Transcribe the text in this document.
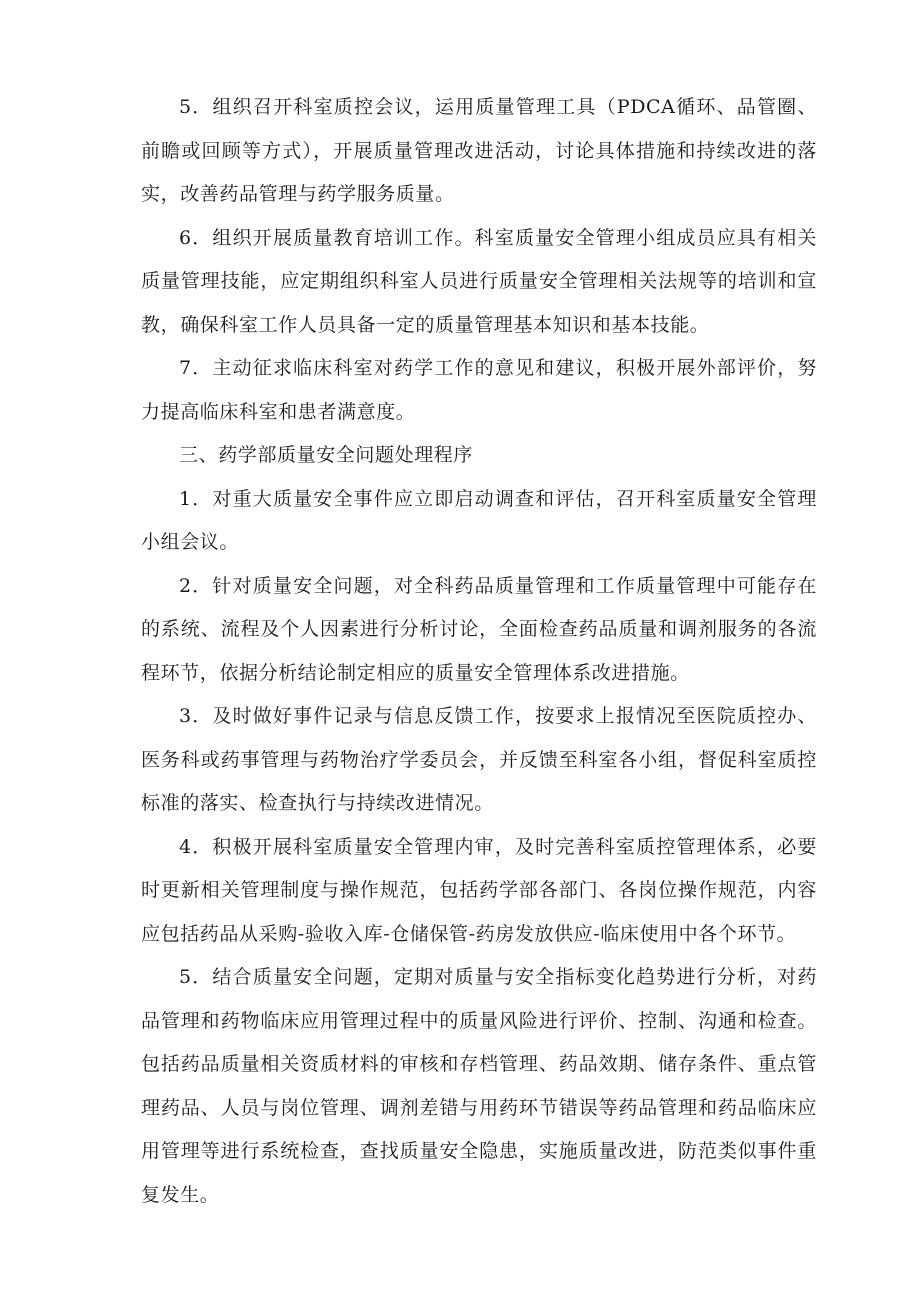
5．组织召开科室质控会议，运用质量管理工具（PDCA循环、品管圈、前瞻或回顾等方式），开展质量管理改进活动，讨论具体措施和持续改进的落实，改善药品管理与药学服务质量。

6．组织开展质量教育培训工作。科室质量安全管理小组成员应具有相关质量管理技能，应定期组织科室人员进行质量安全管理相关法规等的培训和宣教，确保科室工作人员具备一定的质量管理基本知识和基本技能。

7．主动征求临床科室对药学工作的意见和建议，积极开展外部评价，努力提高临床科室和患者满意度。

三、药学部质量安全问题处理程序

1．对重大质量安全事件应立即启动调查和评估，召开科室质量安全管理小组会议。

2．针对质量安全问题，对全科药品质量管理和工作质量管理中可能存在的系统、流程及个人因素进行分析讨论，全面检查药品质量和调剂服务的各流程环节，依据分析结论制定相应的质量安全管理体系改进措施。

3．及时做好事件记录与信息反馈工作，按要求上报情况至医院质控办、医务科或药事管理与药物治疗学委员会，并反馈至科室各小组，督促科室质控标准的落实、检查执行与持续改进情况。

4．积极开展科室质量安全管理内审，及时完善科室质控管理体系，必要时更新相关管理制度与操作规范，包括药学部各部门、各岗位操作规范，内容应包括药品从采购-验收入库-仓储保管-药房发放供应-临床使用中各个环节。

5．结合质量安全问题，定期对质量与安全指标变化趋势进行分析，对药品管理和药物临床应用管理过程中的质量风险进行评价、控制、沟通和检查。包括药品质量相关资质材料的审核和存档管理、药品效期、储存条件、重点管理药品、人员与岗位管理、调剂差错与用药环节错误等药品管理和药品临床应用管理等进行系统检查，查找质量安全隐患，实施质量改进，防范类似事件重复发生。
